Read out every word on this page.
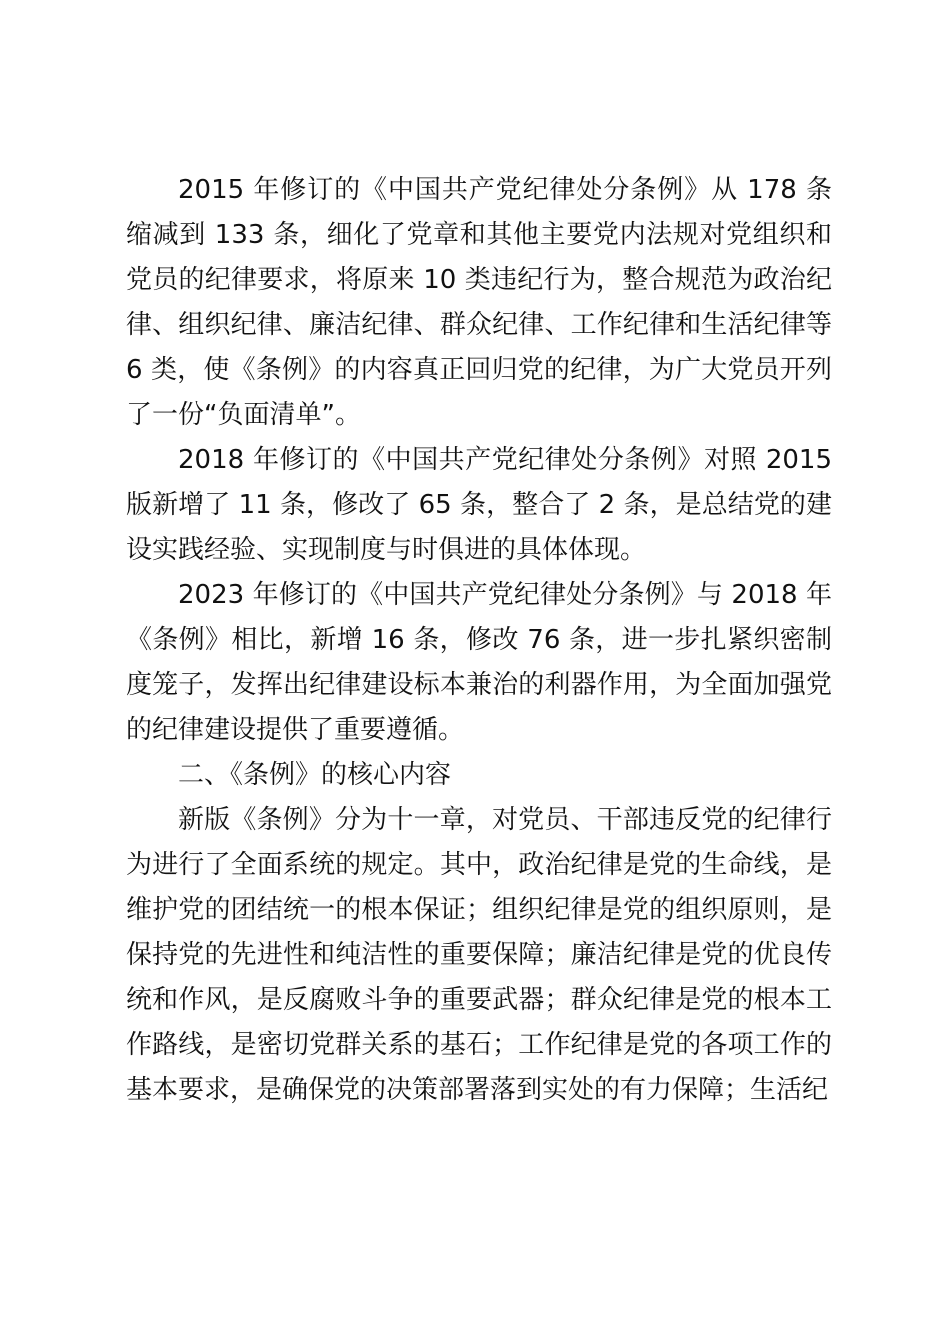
2015 年修订的《中国共产党纪律处分条例》从 178 条缩减到 133 条，细化了党章和其他主要党内法规对党组织和党员的纪律要求，将原来 10 类违纪行为，整合规范为政治纪律、组织纪律、廉洁纪律、群众纪律、工作纪律和生活纪律等 6 类，使《条例》的内容真正回归党的纪律，为广大党员开列了一份“负面清单”。

2018 年修订的《中国共产党纪律处分条例》对照 2015 版新增了 11 条，修改了 65 条，整合了 2 条，是总结党的建设实践经验、实现制度与时俱进的具体体现。

2023 年修订的《中国共产党纪律处分条例》与 2018 年《条例》相比，新增 16 条，修改 76 条，进一步扎紧织密制度笼子，发挥出纪律建设标本兼治的利器作用，为全面加强党的纪律建设提供了重要遵循。

二、《条例》的核心内容

新版《条例》分为十一章，对党员、干部违反党的纪律行为进行了全面系统的规定。其中，政治纪律是党的生命线，是维护党的团结统一的根本保证；组织纪律是党的组织原则，是保持党的先进性和纯洁性的重要保障；廉洁纪律是党的优良传统和作风，是反腐败斗争的重要武器；群众纪律是党的根本工作路线，是密切党群关系的基石；工作纪律是党的各项工作的基本要求，是确保党的决策部署落到实处的有力保障；生活纪
